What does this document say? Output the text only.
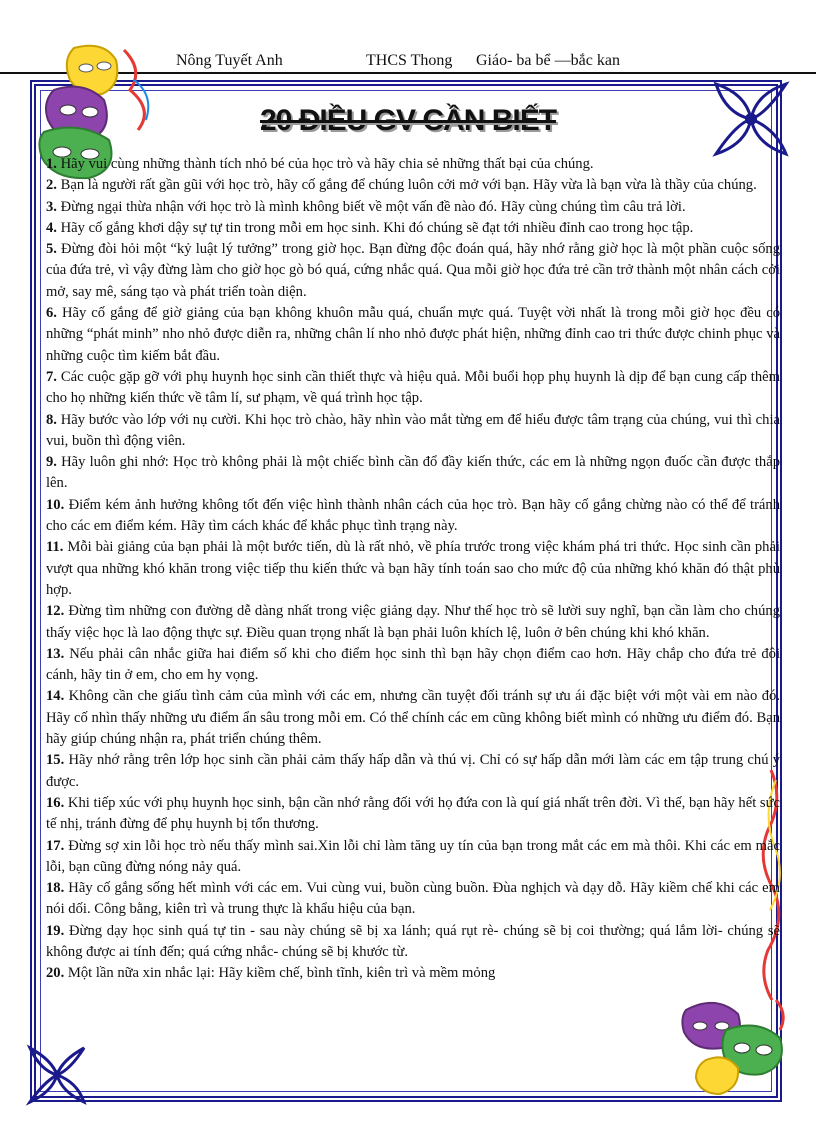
Nông Tuyết Anh	THCS Thong Giáo- ba bể —bắc kan
20 ĐIỀU GV CẦN BIẾT

1. Hãy vui cùng những thành tích nhỏ bé của học trò và hãy chia sẻ những thất bại của chúng.

2. Bạn là người rất gần gũi với học trò, hãy cố gắng để chúng luôn cởi mở với bạn. Hãy vừa là bạn vừa là thầy của chúng.

3. Đừng ngại thừa nhận với học trò là mình không biết về một vấn đề nào đó. Hãy cùng chúng tìm câu trả lời.

4. Hãy cố gắng khơi dậy sự tự tin trong mỗi em học sinh. Khi đó chúng sẽ đạt tới nhiều đỉnh cao trong học tập.

5. Đừng đòi hỏi một “kỷ luật lý tưởng” trong giờ học. Bạn đừng độc đoán quá, hãy nhớ rằng giờ học là một phần cuộc sống của đứa trẻ, vì vậy đừng làm cho giờ học gò bó quá, cứng nhắc quá. Qua mỗi giờ học đứa trẻ cần trở thành một nhân cách cởi mở, say mê, sáng tạo và phát triển toàn diện.

6. Hãy cố gắng để giờ giảng của bạn không khuôn mẫu quá, chuẩn mực quá. Tuyệt vời nhất là trong mỗi giờ học đều có những “phát minh” nho nhỏ được diễn ra, những chân lí nho nhỏ được phát hiện, những đỉnh cao tri thức được chinh phục và những cuộc tìm kiếm bắt đầu.

7. Các cuộc gặp gỡ với phụ huynh học sinh cần thiết thực và hiệu quả. Mỗi buổi họp phụ huynh là dịp để bạn cung cấp thêm cho họ những kiến thức về tâm lí, sư phạm, về quá trình học tập.

8. Hãy bước vào lớp với nụ cười. Khi học trò chào, hãy nhìn vào mắt từng em để hiểu được tâm trạng của chúng, vui thì chia vui, buồn thì động viên.

9. Hãy luôn ghi nhớ: Học trò không phải là một chiếc bình cần đổ đầy kiến thức, các em là những ngọn đuốc cần được thắp lên.

10. Điểm kém ảnh hưởng không tốt đến việc hình thành nhân cách của học trò. Bạn hãy cố gắng chừng nào có thể để tránh cho các em điểm kém. Hãy tìm cách khác để khắc phục tình trạng này.

11. Mỗi bài giảng của bạn phải là một bước tiến, dù là rất nhỏ, về phía trước trong việc khám phá tri thức. Học sinh cần phải vượt qua những khó khăn trong việc tiếp thu kiến thức và bạn hãy tính toán sao cho mức độ của những khó khăn đó thật phù hợp.

12. Đừng tìm những con đường dễ dàng nhất trong việc giảng dạy. Như thế học trò sẽ lười suy nghĩ, bạn cần làm cho chúng thấy việc học là lao động thực sự. Điều quan trọng nhất là bạn phải luôn khích lệ, luôn ở bên chúng khi khó khăn.

13. Nếu phải cân nhắc giữa hai điểm số khi cho điểm học sinh thì bạn hãy chọn điểm cao hơn. Hãy chắp cho đứa trẻ đôi cánh, hãy tin ở em, cho em hy vọng.

14. Không cần che giấu tình cảm của mình với các em, nhưng cần tuyệt đối tránh sự ưu ái đặc biệt với một vài em nào đó. Hãy cố nhìn thấy những ưu điểm ẩn sâu trong mỗi em. Có thể chính các em cũng không biết mình có những ưu điểm đó. Bạn hãy giúp chúng nhận ra, phát triển chúng thêm.

15. Hãy nhớ rằng trên lớp học sinh cần phải cảm thấy hấp dẫn và thú vị. Chỉ có sự hấp dẫn mới làm các em tập trung chú ý được.

16. Khi tiếp xúc với phụ huynh học sinh, bận cần nhớ rằng đối với họ đứa con là quí giá nhất trên đời. Vì thế, bạn hãy hết sức tế nhị, tránh đừng để phụ huynh bị tổn thương.

17. Đừng sợ xin lỗi học trò nếu thấy mình sai.Xin lỗi chỉ làm tăng uy tín của bạn trong mắt các em mà thôi. Khi các em mắc lỗi, bạn cũng đừng nóng nảy quá.

18. Hãy cố gắng sống hết mình với các em. Vui cùng vui, buồn cùng buồn. Đùa nghịch và dạy dỗ. Hãy kiềm chế khi các em nói dối. Công bằng, kiên trì và trung thực là khẩu hiệu của bạn.

19. Đừng dạy học sinh quá tự tin - sau này chúng sẽ bị xa lánh; quá rụt rè- chúng sẽ bị coi thường; quá lắm lời- chúng sẽ không được ai tính đến; quá cứng nhắc- chúng sẽ bị khước từ.

20. Một lần nữa xin nhắc lại: Hãy kiềm chế, bình tĩnh, kiên trì và mềm mỏng
